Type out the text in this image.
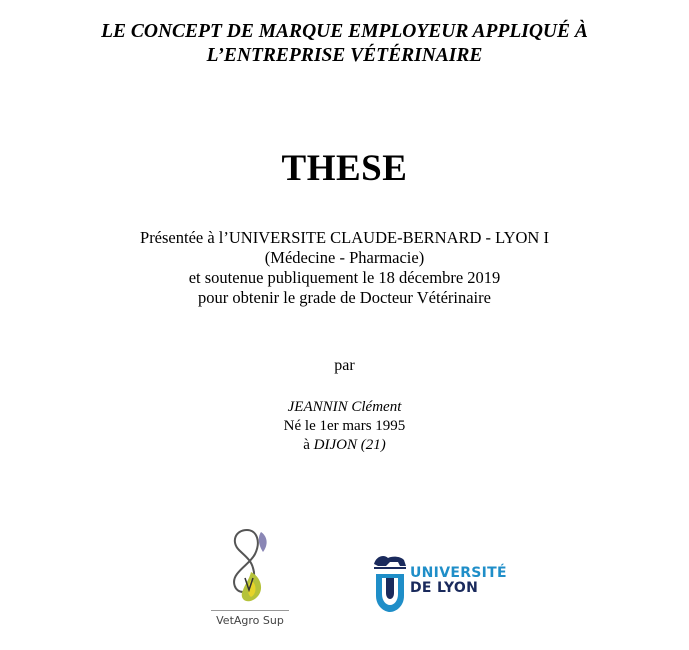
LE CONCEPT DE MARQUE EMPLOYEUR APPLIQUÉ À
L’ENTREPRISE VÉTÉRINAIRE
THESE
Présentée à l’UNIVERSITE CLAUDE-BERNARD - LYON I
(Médecine - Pharmacie)
et soutenue publiquement le 18 décembre 2019
pour obtenir le grade de Docteur Vétérinaire
par
JEANNIN Clément
Né le 1er mars 1995
à DIJON (21)
VetAgro Sup
UNIVERSITÉ
DE LYON
